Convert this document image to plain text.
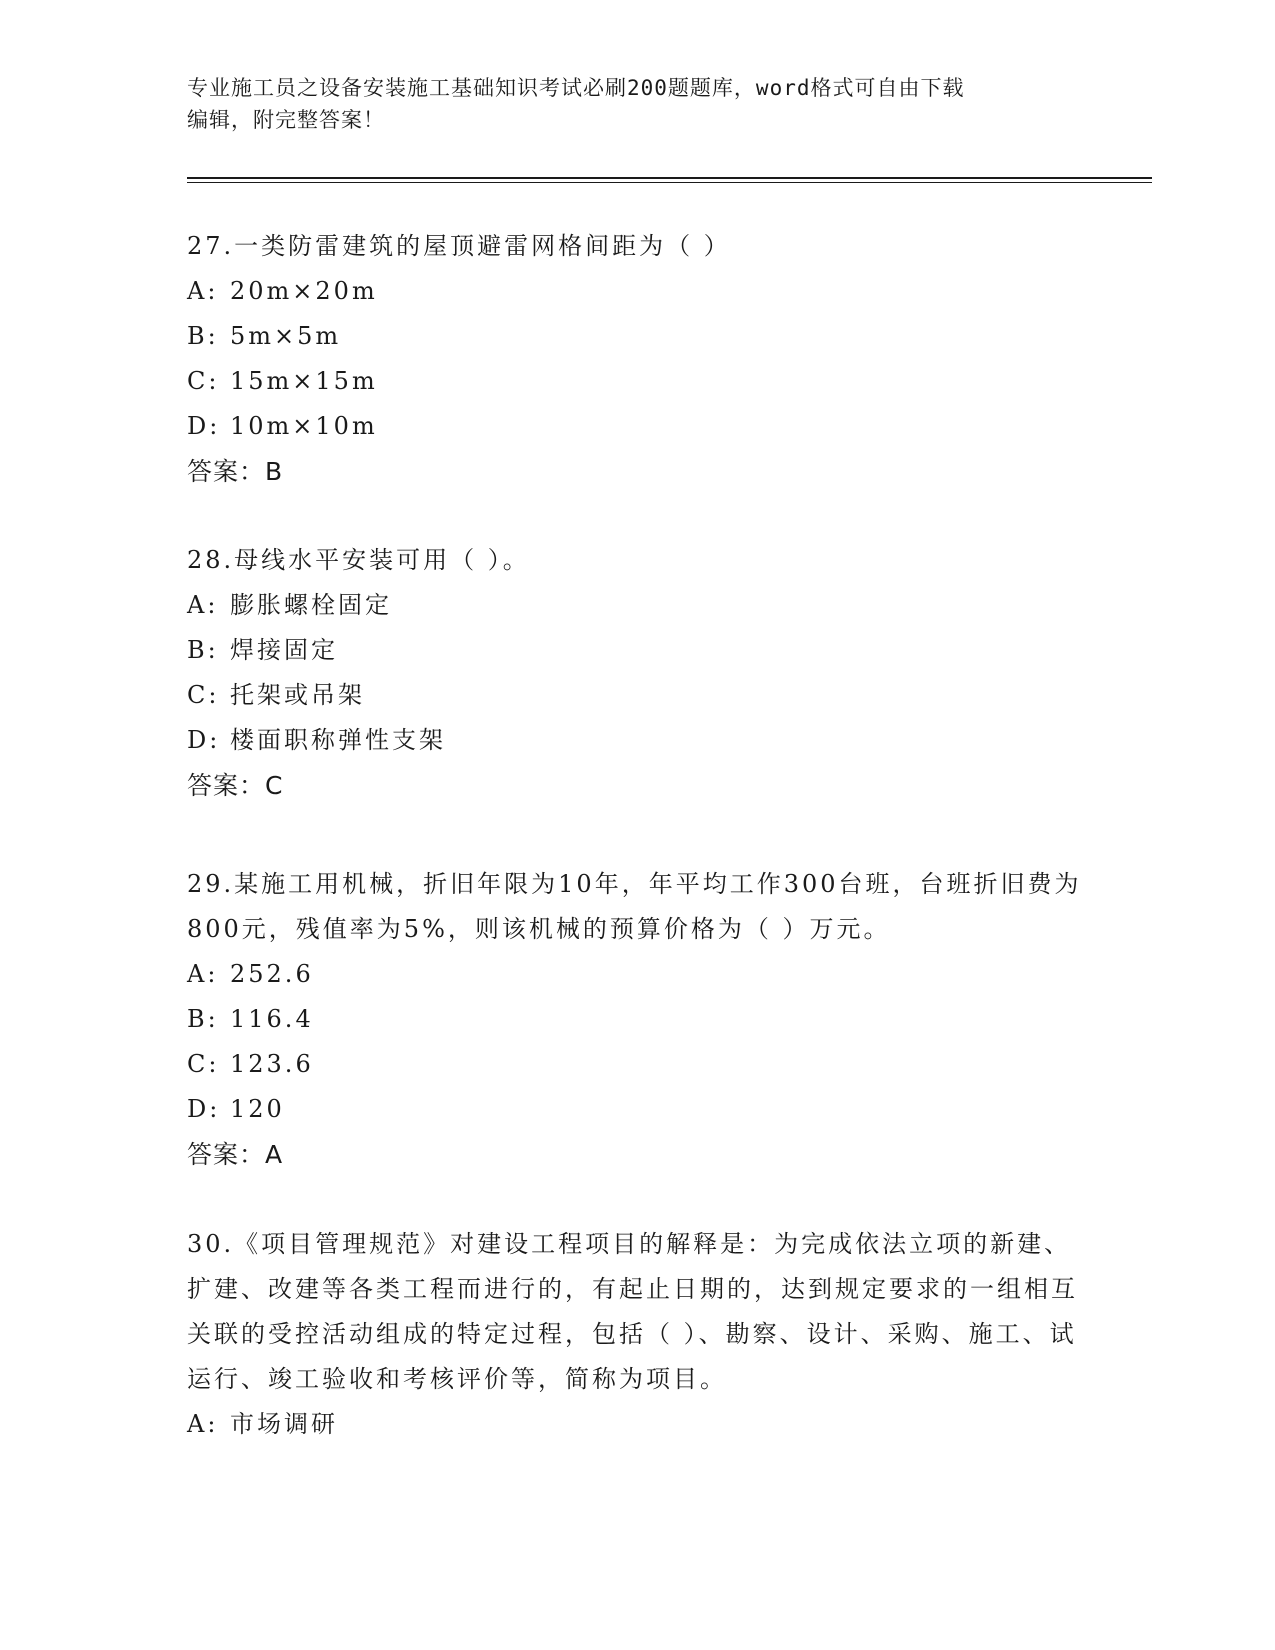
专业施工员之设备安装施工基础知识考试必刷200题题库，word格式可自由下载
编辑，附完整答案！
27.一类防雷建筑的屋顶避雷网格间距为（ ）
A: 20m×20m
B: 5m×5m
C: 15m×15m
D: 10m×10m
答案：B
28.母线水平安装可用（ ）。
A: 膨胀螺栓固定
B: 焊接固定
C: 托架或吊架
D: 楼面职称弹性支架
答案：C
29.某施工用机械，折旧年限为10年，年平均工作300台班，台班折旧费为800元，残值率为5%，则该机械的预算价格为（ ）万元。
A: 252.6
B: 116.4
C: 123.6
D: 120
答案：A
30.《项目管理规范》对建设工程项目的解释是：为完成依法立项的新建、扩建、改建等各类工程而进行的，有起止日期的，达到规定要求的一组相互关联的受控活动组成的特定过程，包括（ ）、勘察、设计、采购、施工、试运行、竣工验收和考核评价等，简称为项目。
A: 市场调研
